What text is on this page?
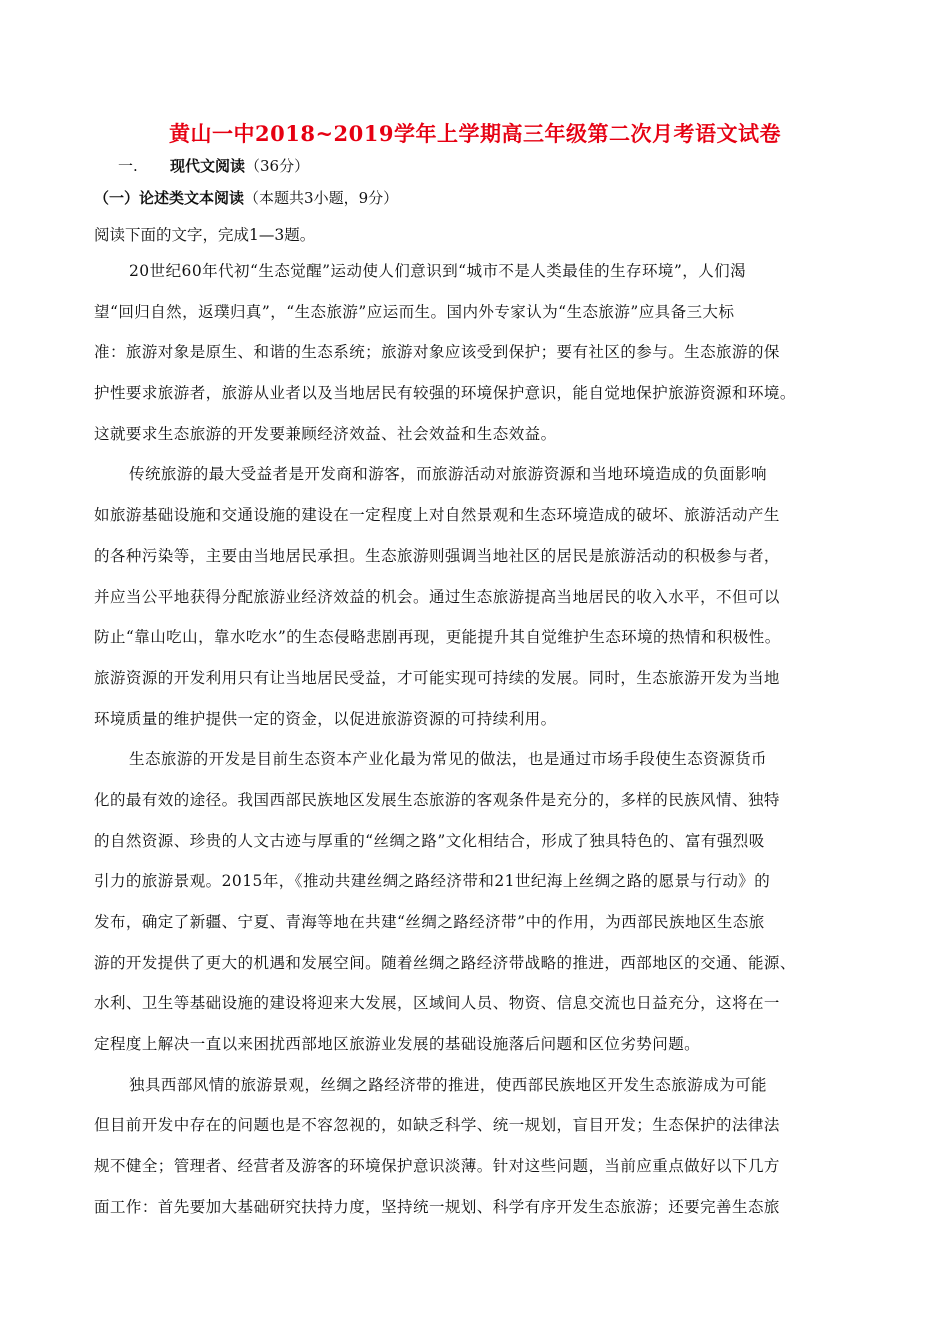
黄山一中2018~2019学年上学期高三年级第二次月考语文试卷
一. 现代文阅读（36分）
（一）论述类文本阅读（本题共3小题，9分）
阅读下面的文字，完成1—3题。
20世纪60年代初“生态觉醒”运动使人们意识到“城市不是人类最佳的生存环境”，人们渴
望“回归自然，返璞归真”，“生态旅游”应运而生。国内外专家认为“生态旅游”应具备三大标
准：旅游对象是原生、和谐的生态系统；旅游对象应该受到保护；要有社区的参与。生态旅游的保
护性要求旅游者，旅游从业者以及当地居民有较强的环境保护意识，能自觉地保护旅游资源和环境。
这就要求生态旅游的开发要兼顾经济效益、社会效益和生态效益。
传统旅游的最大受益者是开发商和游客，而旅游活动对旅游资源和当地环境造成的负面影响
如旅游基础设施和交通设施的建设在一定程度上对自然景观和生态环境造成的破坏、旅游活动产生
的各种污染等，主要由当地居民承担。生态旅游则强调当地社区的居民是旅游活动的积极参与者，
并应当公平地获得分配旅游业经济效益的机会。通过生态旅游提高当地居民的收入水平，不但可以
防止“靠山吃山，靠水吃水”的生态侵略悲剧再现，更能提升其自觉维护生态环境的热情和积极性。
旅游资源的开发利用只有让当地居民受益，才可能实现可持续的发展。同时，生态旅游开发为当地
环境质量的维护提供一定的资金，以促进旅游资源的可持续利用。
生态旅游的开发是目前生态资本产业化最为常见的做法，也是通过市场手段使生态资源货币
化的最有效的途径。我国西部民族地区发展生态旅游的客观条件是充分的，多样的民族风情、独特
的自然资源、珍贵的人文古迹与厚重的“丝绸之路”文化相结合，形成了独具特色的、富有强烈吸
引力的旅游景观。2015年，《推动共建丝绸之路经济带和21世纪海上丝绸之路的愿景与行动》的
发布，确定了新疆、宁夏、青海等地在共建“丝绸之路经济带”中的作用，为西部民族地区生态旅
游的开发提供了更大的机遇和发展空间。随着丝绸之路经济带战略的推进，西部地区的交通、能源、
水利、卫生等基础设施的建设将迎来大发展，区域间人员、物资、信息交流也日益充分，这将在一
定程度上解决一直以来困扰西部地区旅游业发展的基础设施落后问题和区位劣势问题。
独具西部风情的旅游景观，丝绸之路经济带的推进，使西部民族地区开发生态旅游成为可能
但目前开发中存在的问题也是不容忽视的，如缺乏科学、统一规划，盲目开发；生态保护的法律法
规不健全；管理者、经营者及游客的环境保护意识淡薄。针对这些问题，当前应重点做好以下几方
面工作：首先要加大基础研究扶持力度，坚持统一规划、科学有序开发生态旅游；还要完善生态旅
